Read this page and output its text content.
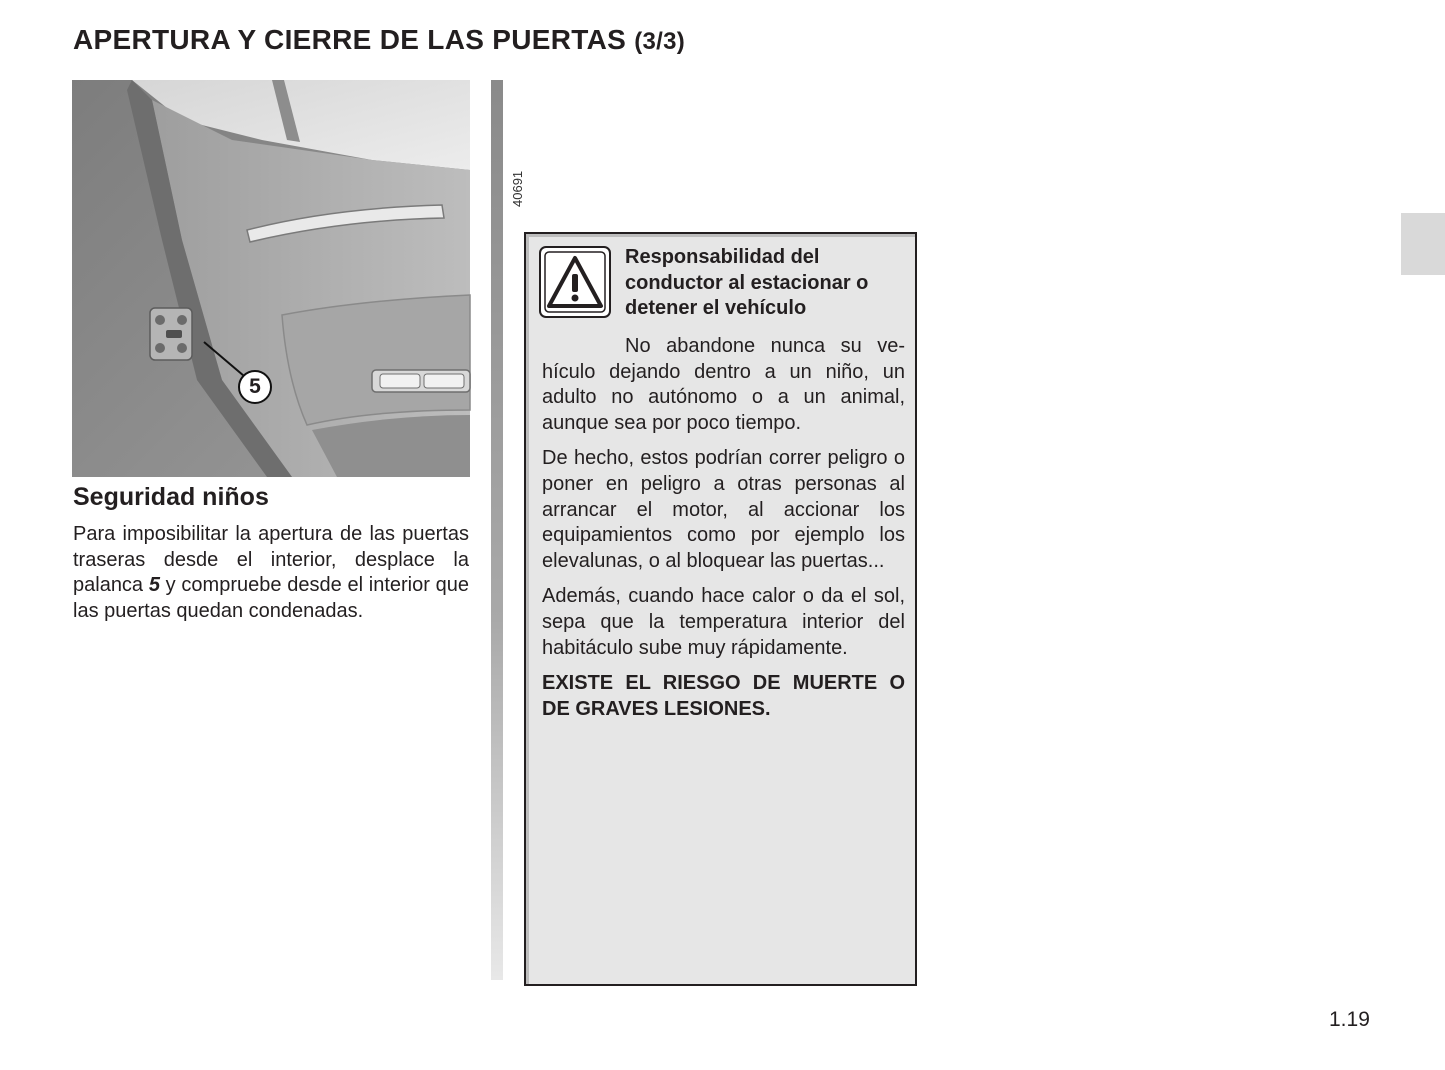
APERTURA Y CIERRE DE LAS PUERTAS (3/3)
40691
5
Seguridad niños

Para imposibilitar la apertura de las puertas traseras desde el interior, desplace la palanca 5 y compruebe desde el interior que las puertas quedan condenadas.

Responsabilidad del conductor al estacionar o detener el vehículo

No abandone nunca su vehículo dejando dentro a un niño, un adulto no autónomo o a un animal, aunque sea por poco tiempo.

De hecho, estos podrían correr peligro o poner en peligro a otras personas al arrancar el motor, al accionar los equipamientos como por ejemplo los elevalunas, o al bloquear las puertas...

Además, cuando hace calor o da el sol, sepa que la temperatura interior del habitáculo sube muy rápidamente.

EXISTE EL RIESGO DE MUERTE O DE GRAVES LESIONES.

1.19
